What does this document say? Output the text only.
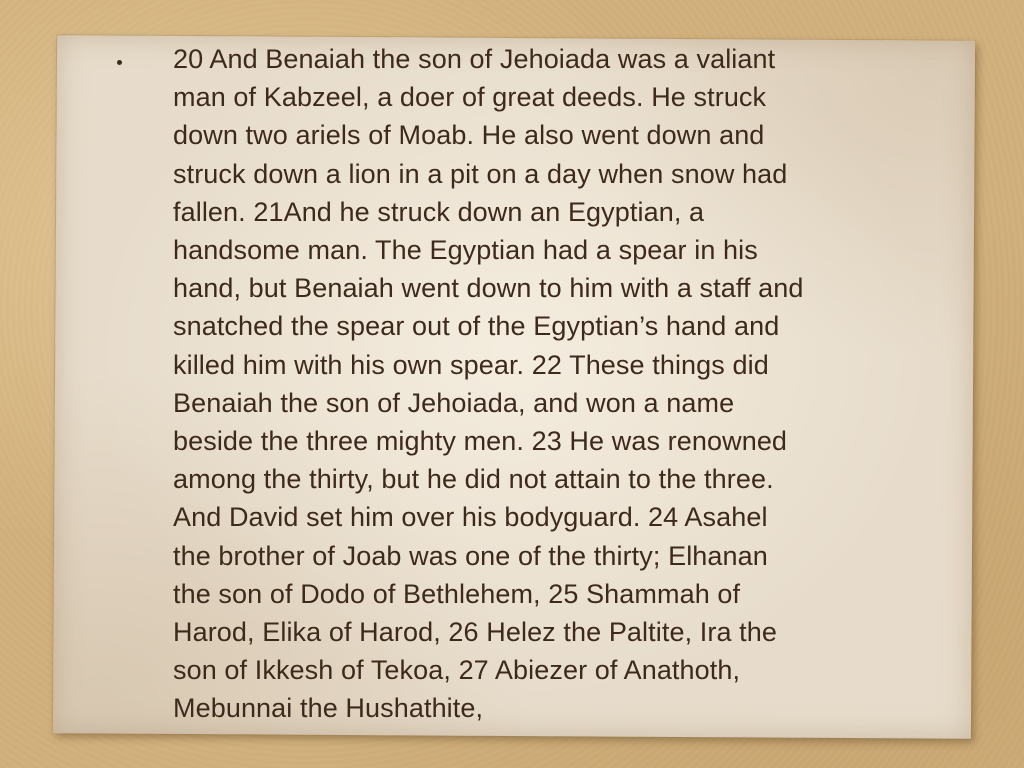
20 And Benaiah the son of Jehoiada was a valiant
man of Kabzeel, a doer of great deeds. He struck
down two ariels of Moab. He also went down and
struck down a lion in a pit on a day when snow had
fallen. 21And he struck down an Egyptian, a
handsome man. The Egyptian had a spear in his
hand, but Benaiah went down to him with a staff and
snatched the spear out of the Egyptian’s hand and
killed him with his own spear. 22 These things did
Benaiah the son of Jehoiada, and won a name
beside the three mighty men. 23 He was renowned
among the thirty, but he did not attain to the three.
And David set him over his bodyguard. 24 Asahel
the brother of Joab was one of the thirty; Elhanan
the son of Dodo of Bethlehem, 25 Shammah of
Harod, Elika of Harod, 26 Helez the Paltite, Ira the
son of Ikkesh of Tekoa, 27 Abiezer of Anathoth,
Mebunnai the Hushathite,
